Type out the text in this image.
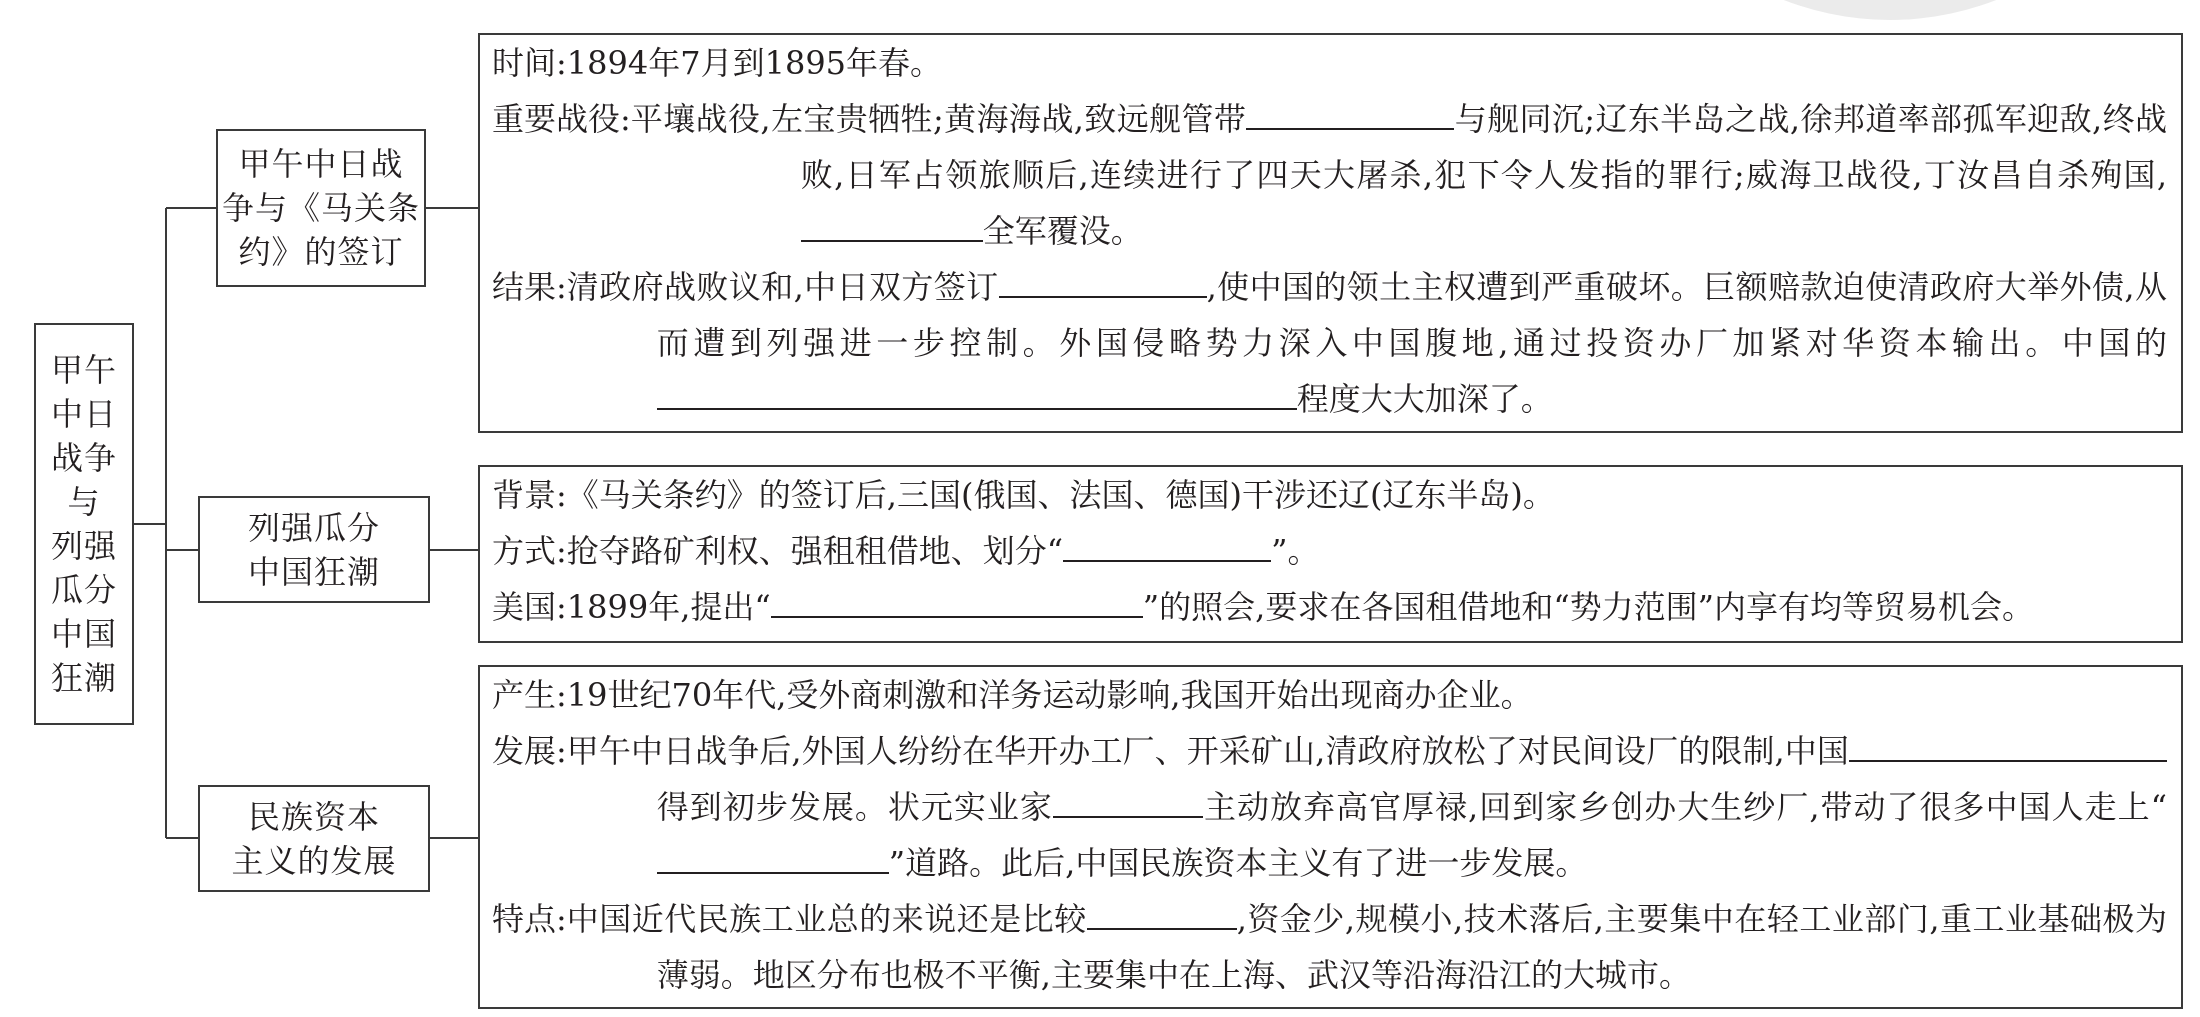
甲午
中日
战争
与
列强
瓜分
中国
狂潮
甲午中日战
争与《马关条
约》的签订
列强瓜分
中国狂潮
民族资本
主义的发展
时间: 1894年7月到1895年春。
重要战役: 平壤战役,左宝贵牺牲;黄海海战,致远舰管带	与舰同沉;辽东半岛之战,徐邦道率部孤军迎敌,终战败,日军占领旅顺后,连续进行了四天大屠杀,犯下令人发指的罪行;威海卫战役,丁汝昌自杀殉国,全军覆没。
结果: 清政府战败议和,中日双方签订	,使中国的领土主权遭到严重破坏。巨额赔款迫使清政府大举外债,从而遭到列强进一步控制。外国侵略势力深入中国腹地,通过投资办厂加紧对华资本输出。中国的程度大大加深了。
背景: 《马关条约》的签订后,三国(俄国、法国、德国)干涉还辽(辽东半岛)。
方式: 抢夺路矿利权、强租租借地、划分“	”。
美国: 1899年,提出“	”的照会,要求在各国租借地和“势力范围”内享有均等贸易机会。
产生: 19世纪70年代,受外商刺激和洋务运动影响,我国开始出现商办企业。
发展: 甲午中日战争后,外国人纷纷在华开办工厂、开采矿山,清政府放松了对民间设厂的限制,中国得到初步发展。状元实业家	主动放弃高官厚禄,回到家乡创办大生纱厂,带动了很多中国人走上“”道路。此后,中国民族资本主义有了进一步发展。
特点: 中国近代民族工业总的来说还是比较	,资金少,规模小,技术落后,主要集中在轻工业部门,重工业基础极为薄弱。地区分布也极不平衡,主要集中在上海、武汉等沿海沿江的大城市。
